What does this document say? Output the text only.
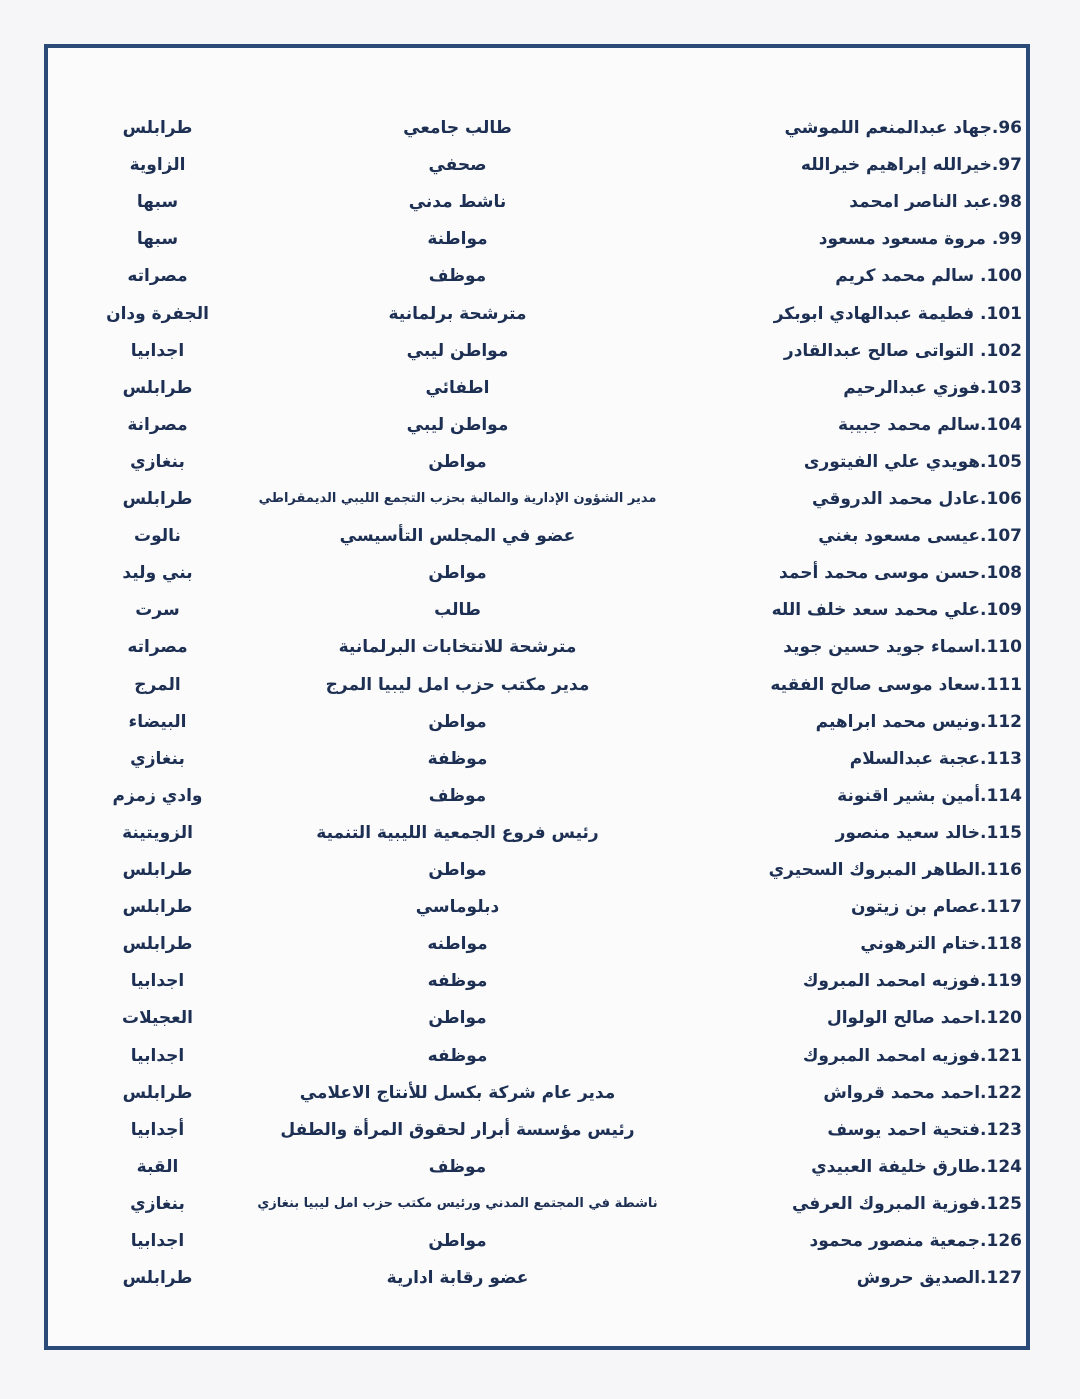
96.جهاد عبدالمنعم اللموشي
طالب جامعي
طرابلس
97.خيرالله إبراهيم خيرالله
صحفي
الزاوية
98.عبد الناصر امحمد
ناشط مدني
سبها
99. مروة مسعود مسعود
مواطنة
سبها
100. سالم محمد كريم
موظف
مصراته
101. فطيمة عبدالهادي ابوبكر
مترشحة برلمانية
الجفرة ودان
102. التواتى صالح عبدالقادر
مواطن ليبي
اجدابيا
103.فوزي عبدالرحيم
اطفائي
طرابلس
104.سالم محمد جبيبة
مواطن ليبي
مصرانة
105.هويدي علي الفيتورى
مواطن
بنغازي
106.عادل محمد الدروقي
مدير الشؤون الإدارية والمالية بحزب التجمع الليبي الديمقراطي
طرابلس
107.عيسى مسعود بغني
عضو في المجلس التأسيسي
نالوت
108.حسن موسى محمد أحمد
مواطن
بني وليد
109.علي محمد سعد خلف الله
طالب
سرت
110.اسماء جويد حسين جويد
مترشحة للانتخابات البرلمانية
مصراته
111.سعاد موسى صالح الفقيه
مدير مكتب حزب امل ليبيا المرج
المرج
112.ونيس محمد ابراهيم
مواطن
البيضاء
113.عجبة عبدالسلام
موظفة
بنغازي
114.أمين بشير اقنونة
موظف
وادي زمزم
115.خالد سعيد منصور
رئيس فروع الجمعية الليبية التنمية
الزويتينة
116.الطاهر المبروك السحيري
مواطن
طرابلس
117.عصام بن زيتون
دبلوماسي
طرابلس
118.ختام الترهوني
مواطنه
طرابلس
119.فوزيه امحمد المبروك
موظفه
اجدابيا
120.احمد صالح الولوال
مواطن
العجيلات
121.فوزيه امحمد المبروك
موظفه
اجدابيا
122.احمد محمد قرواش
مدير عام شركة بكسل للأنتاج الاعلامي
طرابلس
123.فتحية احمد يوسف
رئيس مؤسسة أبرار لحقوق المرأة والطفل
أجدابيا
124.طارق خليفة العبيدي
موظف
القبة
125.فوزية المبروك العرفي
ناشطة في المجتمع المدني ورئيس مكتب حزب امل ليبيا بنغازي
بنغازي
126.جمعية منصور محمود
مواطن
اجدابيا
127.الصديق حروش
عضو رقابة ادارية
طرابلس
